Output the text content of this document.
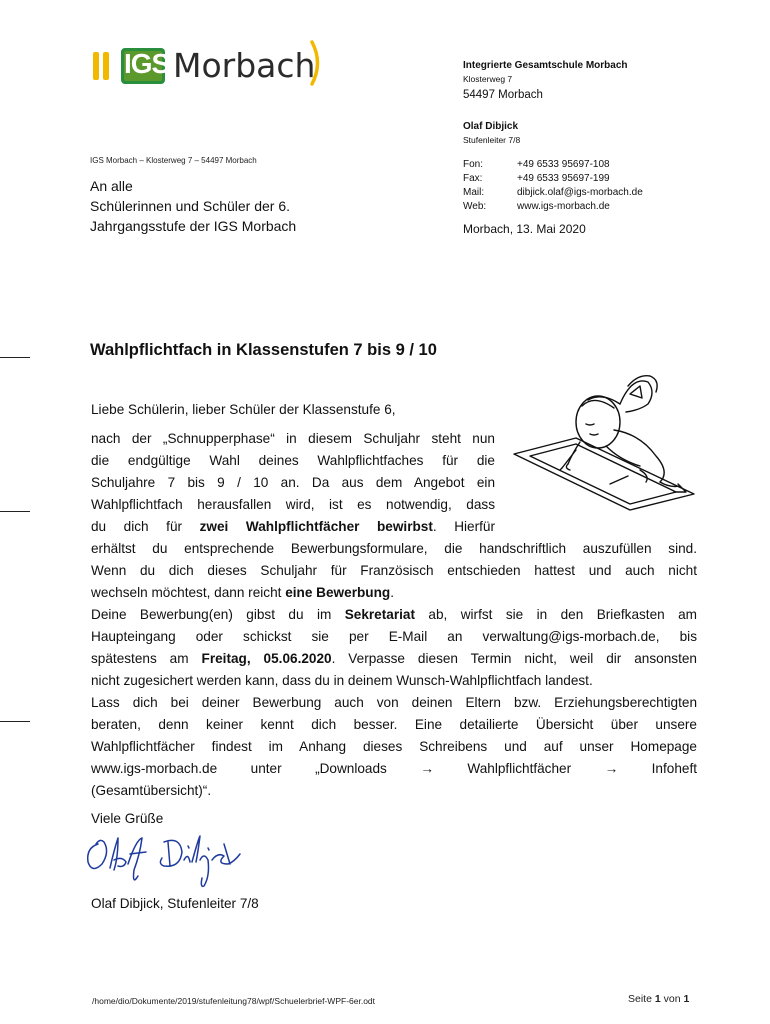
IGS Morbach	Integrierte Gesamtschule Morbach
Klosterweg 7
54497 Morbach
Olaf Dibjick
Stufenleiter 7/8
Fon:	+49 6533 95697-108
Fax:	+49 6533 95697-199
Mail:	dibjick.olaf@igs-morbach.de
Web:	www.igs-morbach.de
Morbach, 13. Mai 2020
IGS Morbach – Klosterweg 7 – 54497 Morbach
An alle
Schülerinnen und Schüler der 6.
Jahrgangsstufe der IGS Morbach
Wahlpflichtfach in Klassenstufen 7 bis 9 / 10
Liebe Schülerin, lieber Schüler der Klassenstufe 6,

nach der „Schnupperphase“ in diesem Schuljahr steht nun

die endgültige Wahl deines Wahlpflichtfaches für die

Schuljahre 7 bis 9 / 10 an. Da aus dem Angebot ein

Wahlpflichtfach herausfallen wird, ist es notwendig, dass

du dich für zwei Wahlpflichtfächer bewirbst. Hierfür

erhältst du entsprechende Bewerbungsformulare, die handschriftlich auszufüllen sind.

Wenn du dich dieses Schuljahr für Französisch entschieden hattest und auch nicht

wechseln möchtest, dann reicht eine Bewerbung.

Deine Bewerbung(en) gibst du im Sekretariat ab, wirfst sie in den Briefkasten am

Haupteingang oder schickst sie per E-Mail an verwaltung@igs-morbach.de, bis

spätestens am Freitag, 05.06.2020. Verpasse diesen Termin nicht, weil dir ansonsten

nicht zugesichert werden kann, dass du in deinem Wunsch-Wahlpflichtfach landest.

Lass dich bei deiner Bewerbung auch von deinen Eltern bzw. Erziehungsberechtigten

beraten, denn keiner kennt dich besser. Eine detailierte Übersicht über unsere

Wahlpflichtfächer findest im Anhang dieses Schreibens und auf unser Homepage

www.igs-morbach.de unter „Downloads → Wahlpflichtfächer → Infoheft

(Gesamtübersicht)“.

Viele Grüße
Olaf Dibjick, Stufenleiter 7/8
/home/dio/Dokumente/2019/stufenleitung78/wpf/Schuelerbrief-WPF-6er.odt	Seite 1 von 1
